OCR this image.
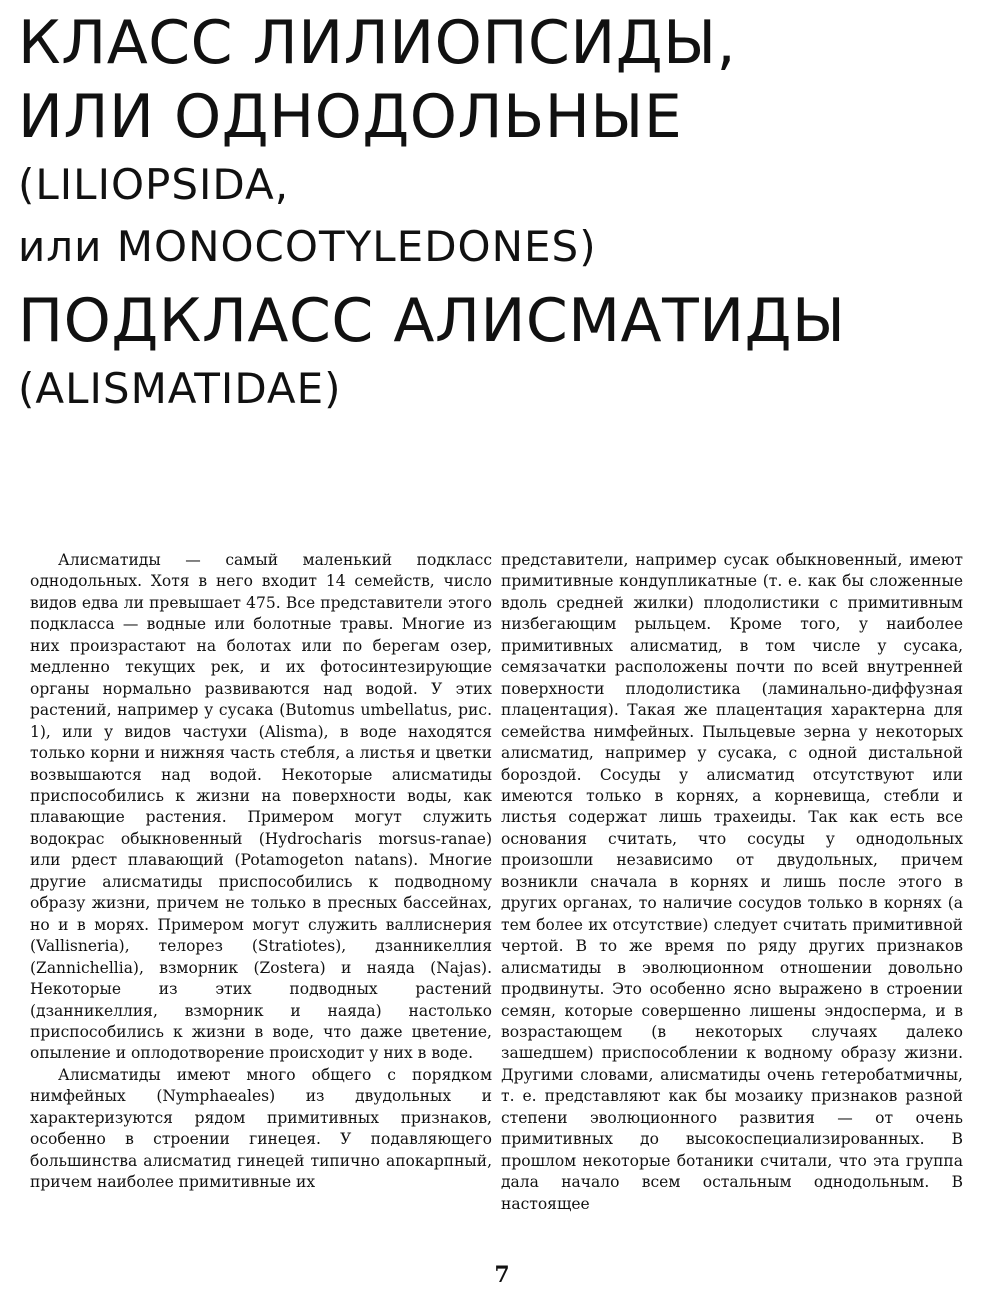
КЛАСС ЛИЛИОПСИДЫ,
ИЛИ ОДНОДОЛЬНЫЕ
(LILIOPSIDA,
или MONOCOTYLEDONES)
ПОДКЛАСС АЛИСМАТИДЫ
(ALISMATIDAE)

Алисматиды — самый маленький подкласс однодольных. Хотя в него входит 14 семейств, число видов едва ли превышает 475. Все представители этого подкласса — водные или болотные травы. Многие из них произрастают на болотах или по берегам озер, медленно текущих рек, и их фотосинтезирующие органы нормально развиваются над водой. У этих растений, например у сусака (Butomus umbellatus, рис. 1), или у видов частухи (Alisma), в воде находятся только корни и нижняя часть стебля, а листья и цветки возвышаются над водой. Некоторые алисматиды приспособились к жизни на поверхности воды, как плавающие растения. Примером могут служить водокрас обыкновенный (Hydrocharis morsus-ranae) или рдест плавающий (Potamogeton natans). Многие другие алисматиды приспособились к подводному образу жизни, причем не только в пресных бассейнах, но и в морях. Примером могут служить валлиснерия (Vallisneria), телорез (Stratiotes), дзанникеллия (Zannichellia), взморник (Zostera) и наяда (Najas). Некоторые из этих подводных растений (дзанникеллия, взморник и наяда) настолько приспособились к жизни в воде, что даже цветение, опыление и оплодотворение происходит у них в воде.

Алисматиды имеют много общего с порядком нимфейных (Nymphaeales) из двудольных и характеризуются рядом примитивных признаков, особенно в строении гинецея. У подавляющего большинства алисматид гинецей типично апокарпный, причем наиболее примитивные их

представители, например сусак обыкновенный, имеют примитивные кондупликатные (т. е. как бы сложенные вдоль средней жилки) плодолистики с примитивным низбегающим рыльцем. Кроме того, у наиболее примитивных алисматид, в том числе у сусака, семязачатки расположены почти по всей внутренней поверхности плодолистика (ламинально-диффузная плацентация). Такая же плацентация характерна для семейства нимфейных. Пыльцевые зерна у некоторых алисматид, например у сусака, с одной дистальной бороздой. Сосуды у алисматид отсутствуют или имеются только в корнях, а корневища, стебли и листья содержат лишь трахеиды. Так как есть все основания считать, что сосуды у однодольных произошли независимо от двудольных, причем возникли сначала в корнях и лишь после этого в других органах, то наличие сосудов только в корнях (а тем более их отсутствие) следует считать примитивной чертой. В то же время по ряду других признаков алисматиды в эволюционном отношении довольно продвинуты. Это особенно ясно выражено в строении семян, которые совершенно лишены эндосперма, и в возрастающем (в некоторых случаях далеко зашедшем) приспособлении к водному образу жизни. Другими словами, алисматиды очень гетеробатмичны, т. е. представляют как бы мозаику признаков разной степени эволюционного развития — от очень примитивных до высокоспециализированных. В прошлом некоторые ботаники считали, что эта группа дала начало всем остальным однодольным. В настоящее

7
